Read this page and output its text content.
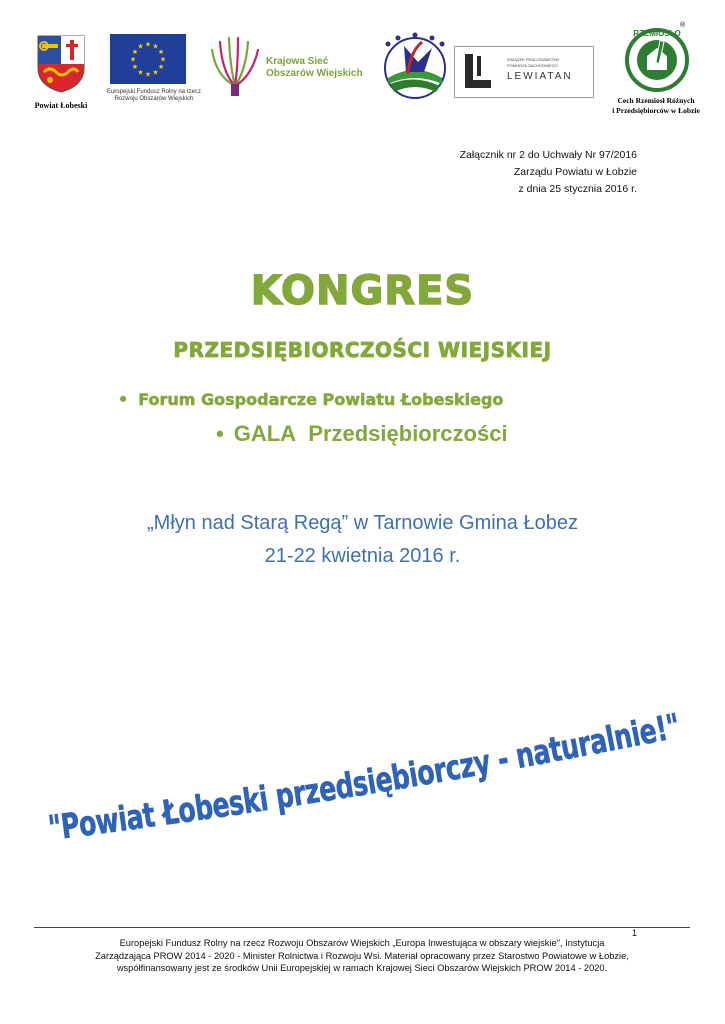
Powiat Łobeski
★
★
★
★
★
★
★
★
★ ★ ★
★
Europejski Fundusz Rolny na rzecz
Rozwoju Obszarów Wiejskich
Krajowa Sieć
Obszarów Wiejskich
ZWIĄZEK PRACODAWCÓW
POMORZA ZACHODNIEGO
LEWIATAN
RZEMIOSŁO
®
Cech Rzemiosł Różnych
i Przedsiębiorców w Łobzie
Załącznik nr 2 do Uchwały Nr 97/2016
Zarządu Powiatu w Łobzie
z dnia 25 stycznia 2016 r.
KONGRES
PRZEDSIĘBIORCZOŚCI WIEJSKIEJ
• Forum Gospodarcze Powiatu Łobeskiego
• GALA Przedsiębiorczości
„Młyn nad Starą Regą” w Tarnowie Gmina Łobez
21-22 kwietnia 2016 r.
"Powiat Łobeski przedsiębiorczy - naturalnie!"
1
Europejski Fundusz Rolny na rzecz Rozwoju Obszarów Wiejskich „Europa Inwestująca w obszary wiejskie", Instytucja
Zarządzająca PROW 2014 - 2020 - Minister Rolnictwa i Rozwoju Wsi. Materiał opracowany przez Starostwo Powiatowe w Łobzie,
współfinansowany jest ze środków Unii Europejskiej w ramach Krajowej Sieci Obszarów Wiejskich PROW 2014 - 2020.
